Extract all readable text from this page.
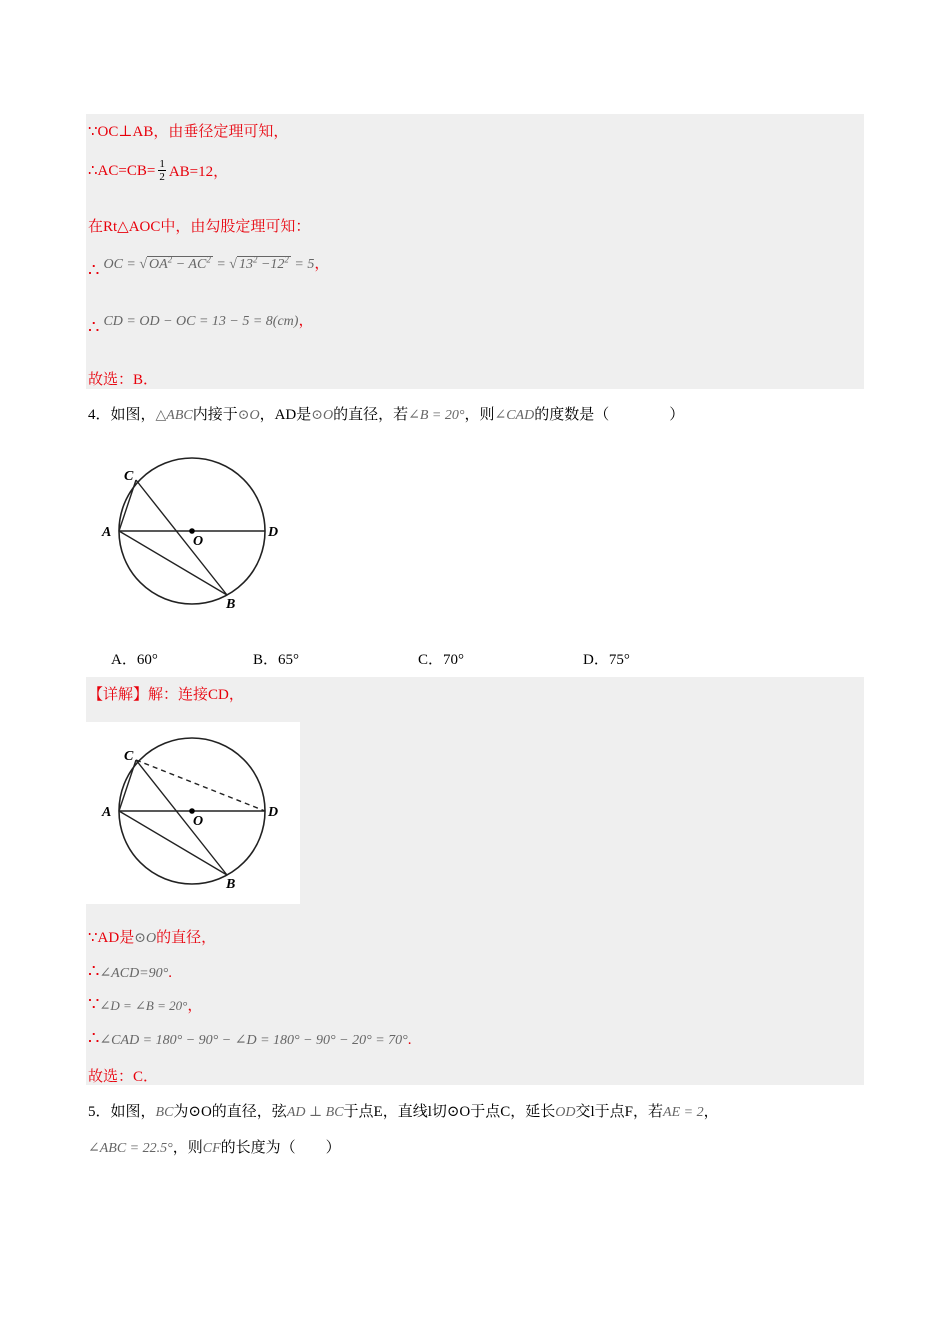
∵OC⊥AB，由垂径定理可知，
∴AC=CB= $\frac{1}{2} AB=12$，
在Rt△AOC中，由勾股定理可知：
∴ OC = √ $OA^2 - AC^2$ = √ $13^2 -12^2 = 5$，
∴ CD = OD − OC = 13 − 5 = 8(cm)，
故选：B．
4．如图，△ABC内接于⊙O，AD是⊙O的直径，若∠B = 20°，则∠CAD的度数是（　　　　）
C
A
O
D
B
A．60°	B．65°	C．70°	D．75°
【详解】解：连接CD，
C
A
O
D
B
∵AD是⊙O的直径，
∴∠ACD=90°.
∵∠D = ∠B = 20°，
∴∠CAD = 180° − 90° − ∠D = 180° − 90° − 20° = 70°.
故选：C．
5．如图，BC为⊙O的直径，弦AD ⊥ BC于点E，直线l切⊙O于点C，延长OD交l于点F，若AE = 2，
∠ABC = 22.5°，则CF的长度为（　　）
